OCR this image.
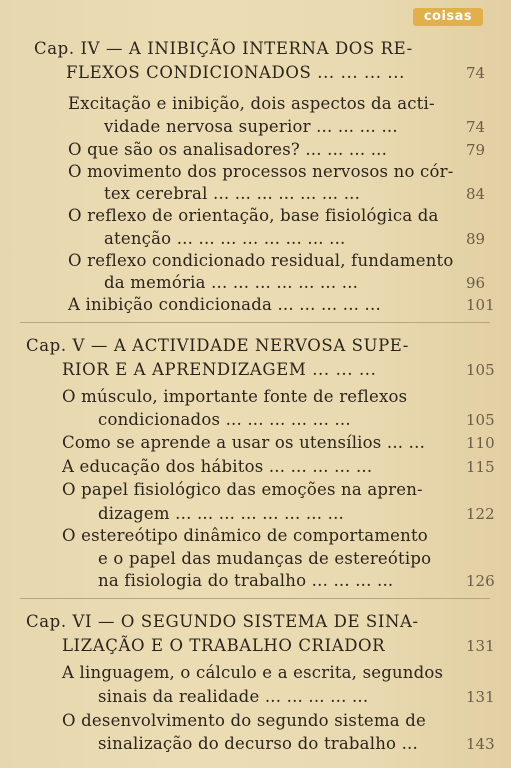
coisas
Cap. IV — A INIBIÇÃO INTERNA DOS RE-
FLEXOS CONDICIONADOS ... ... ... ...	74
Excitação e inibição, dois aspectos da acti-
vidade nervosa superior ... ... ... ...	74
O que são os analisadores? ... ... ... ...	79
O movimento dos processos nervosos no cór-
tex cerebral ... ... ... ... ... ... ...	84
O reflexo de orientação, base fisiológica da
atenção ... ... ... ... ... ... ... ...	89
O reflexo condicionado residual, fundamento
da memória ... ... ... ... ... ... ...	96
A inibição condicionada ... ... ... ... ...	101
Cap. V — A ACTIVIDADE NERVOSA SUPE-
RIOR E A APRENDIZAGEM ... ... ...	105
O músculo, importante fonte de reflexos
condicionados ... ... ... ... ... ...	105
Como se aprende a usar os utensílios ... ...	110
A educação dos hábitos ... ... ... ... ...	115
O papel fisiológico das emoções na apren-
dizagem ... ... ... ... ... ... ... ...	122
O estereótipo dinâmico de comportamento
e o papel das mudanças de estereótipo
na fisiologia do trabalho ... ... ... ...	126
Cap. VI — O SEGUNDO SISTEMA DE SINA-
LIZAÇÃO E O TRABALHO CRIADOR	131
A linguagem, o cálculo e a escrita, segundos
sinais da realidade ... ... ... ... ...	131
O desenvolvimento do segundo sistema de
sinalização do decurso do trabalho ...	143
